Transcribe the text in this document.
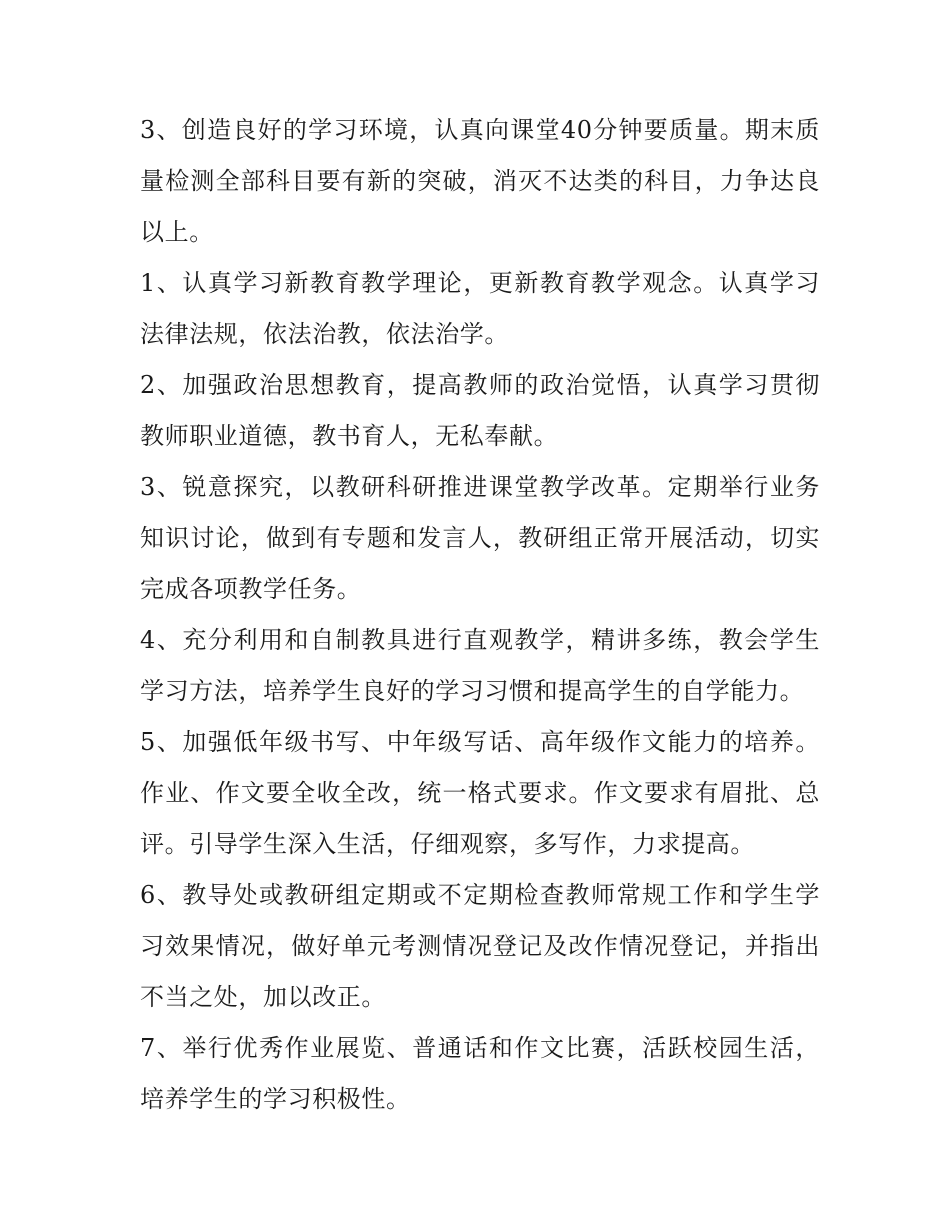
3、创造良好的学习环境，认真向课堂40分钟要质量。期末质量检测全部科目要有新的突破，消灭不达类的科目，力争达良以上。

1、认真学习新教育教学理论，更新教育教学观念。认真学习法律法规，依法治教，依法治学。

2、加强政治思想教育，提高教师的政治觉悟，认真学习贯彻教师职业道德，教书育人，无私奉献。

3、锐意探究，以教研科研推进课堂教学改革。定期举行业务知识讨论，做到有专题和发言人，教研组正常开展活动，切实完成各项教学任务。

4、充分利用和自制教具进行直观教学，精讲多练，教会学生学习方法，培养学生良好的学习习惯和提高学生的自学能力。

5、加强低年级书写、中年级写话、高年级作文能力的培养。作业、作文要全收全改，统一格式要求。作文要求有眉批、总评。引导学生深入生活，仔细观察，多写作，力求提高。

6、教导处或教研组定期或不定期检查教师常规工作和学生学习效果情况，做好单元考测情况登记及改作情况登记，并指出不当之处，加以改正。

7、举行优秀作业展览、普通话和作文比赛，活跃校园生活，培养学生的学习积极性。
